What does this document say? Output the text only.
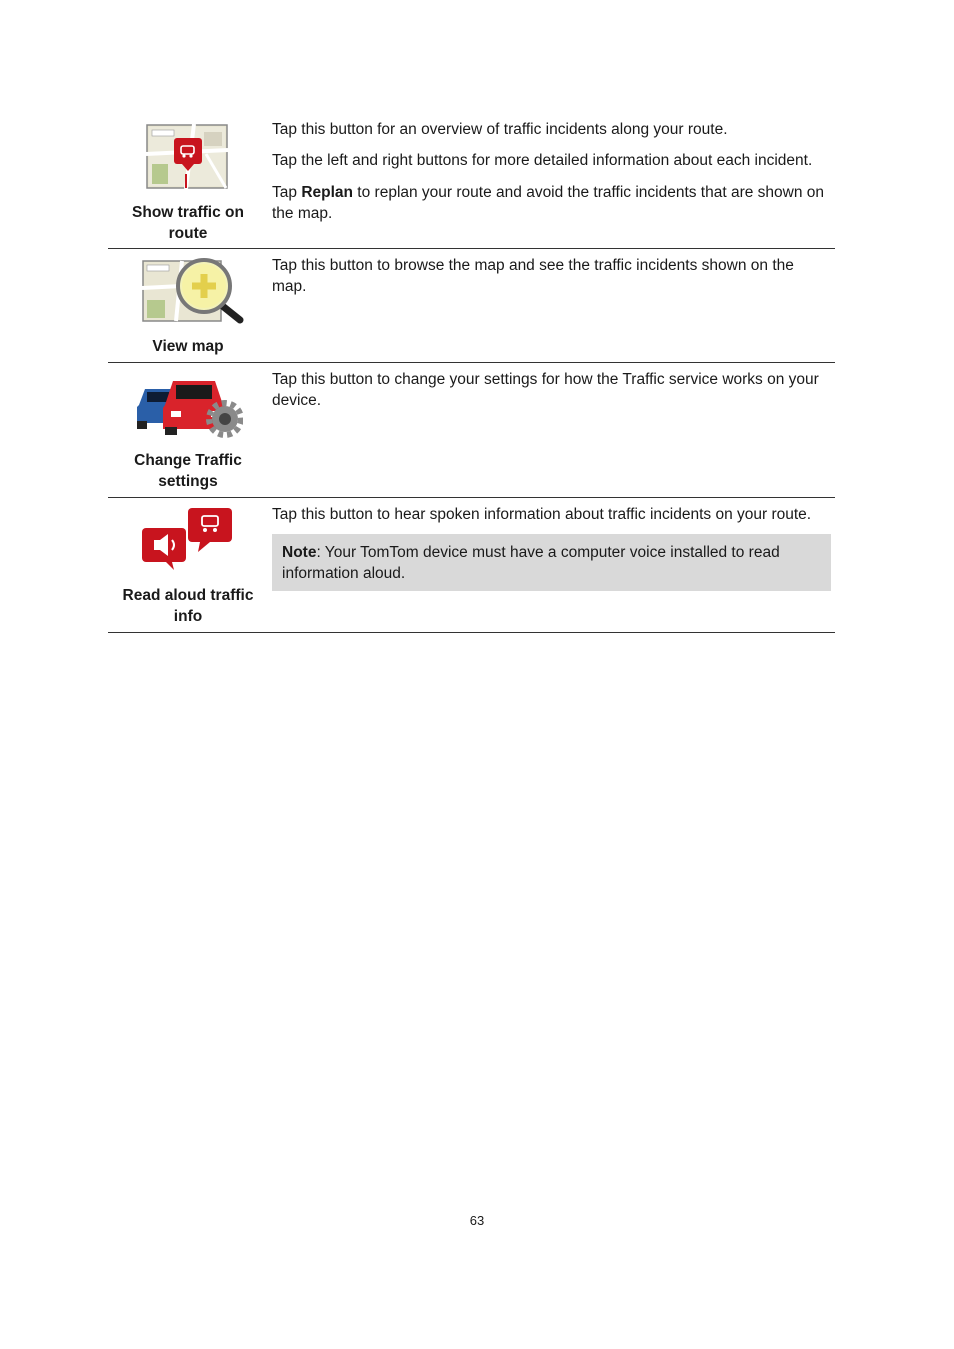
Show traffic on
route

Tap this button for an overview of traffic incidents along your route.

Tap the left and right buttons for more detailed information about each incident.

Tap Replan to replan your route and avoid the traffic incidents that are shown on the map.

View map

Tap this button to browse the map and see the traffic incidents shown on the map.

Change Traffic
settings

Tap this button to change your settings for how the Traffic service works on your device.

Read aloud traffic
info

Tap this button to hear spoken information about traffic incidents on your route.

Note: Your TomTom device must have a computer voice installed to read information aloud.
63
